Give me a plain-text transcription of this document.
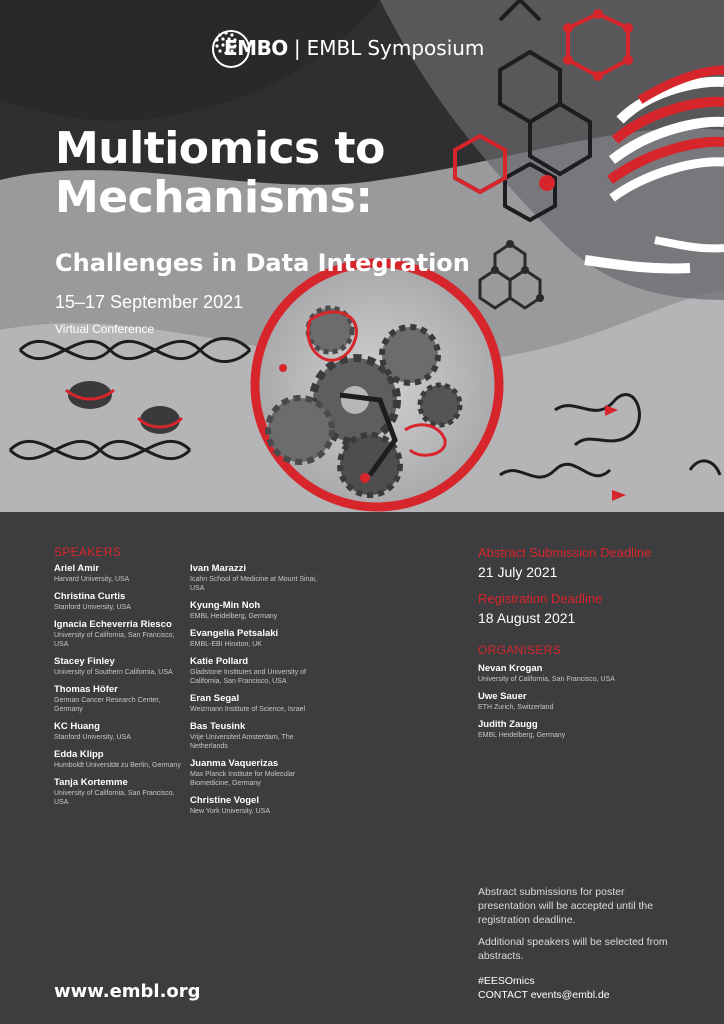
EMBO | EMBL Symposium
Multiomics to
Mechanisms:
Challenges in Data Integration
15–17 September 2021
Virtual Conference
SPEAKERS
Ariel Amir
Harvard University, USA
Christina Curtis
Stanford University, USA
Ignacia Echeverria Riesco
University of California, San Francisco, USA
Stacey Finley
University of Southern California, USA
Thomas Höfer
German Cancer Research Center, Germany
KC Huang
Stanford University, USA
Edda Klipp
Humboldt Universität zu Berlin, Germany
Tanja Kortemme
University of California, San Francisco, USA
Ivan Marazzi
Icahn School of Medicine at Mount Sinai, USA
Kyung-Min Noh
EMBL Heidelberg, Germany
Evangelia Petsalaki
EMBL-EBI Hinxton, UK
Katie Pollard
Gladstone Institutes and University of California, San Francisco, USA
Eran Segal
Weizmann Institute of Science, Israel
Bas Teusink
Vrije Universiteit Amsterdam, The Netherlands
Juanma Vaquerizas
Max Planck Institute for Molecular Biomedicine, Germany
Christine Vogel
New York University, USA
Abstract Submission Deadline
21 July 2021
Registration Deadline
18 August 2021
ORGANISERS
Nevan Krogan
University of California, San Francisco, USA
Uwe Sauer
ETH Zurich, Switzerland
Judith Zaugg
EMBL Heidelberg, Germany

Abstract submissions for poster presentation will be accepted until the registration deadline.

Additional speakers will be selected from abstracts.

#EESOmics
CONTACT events@embl.de
www.embl.org
